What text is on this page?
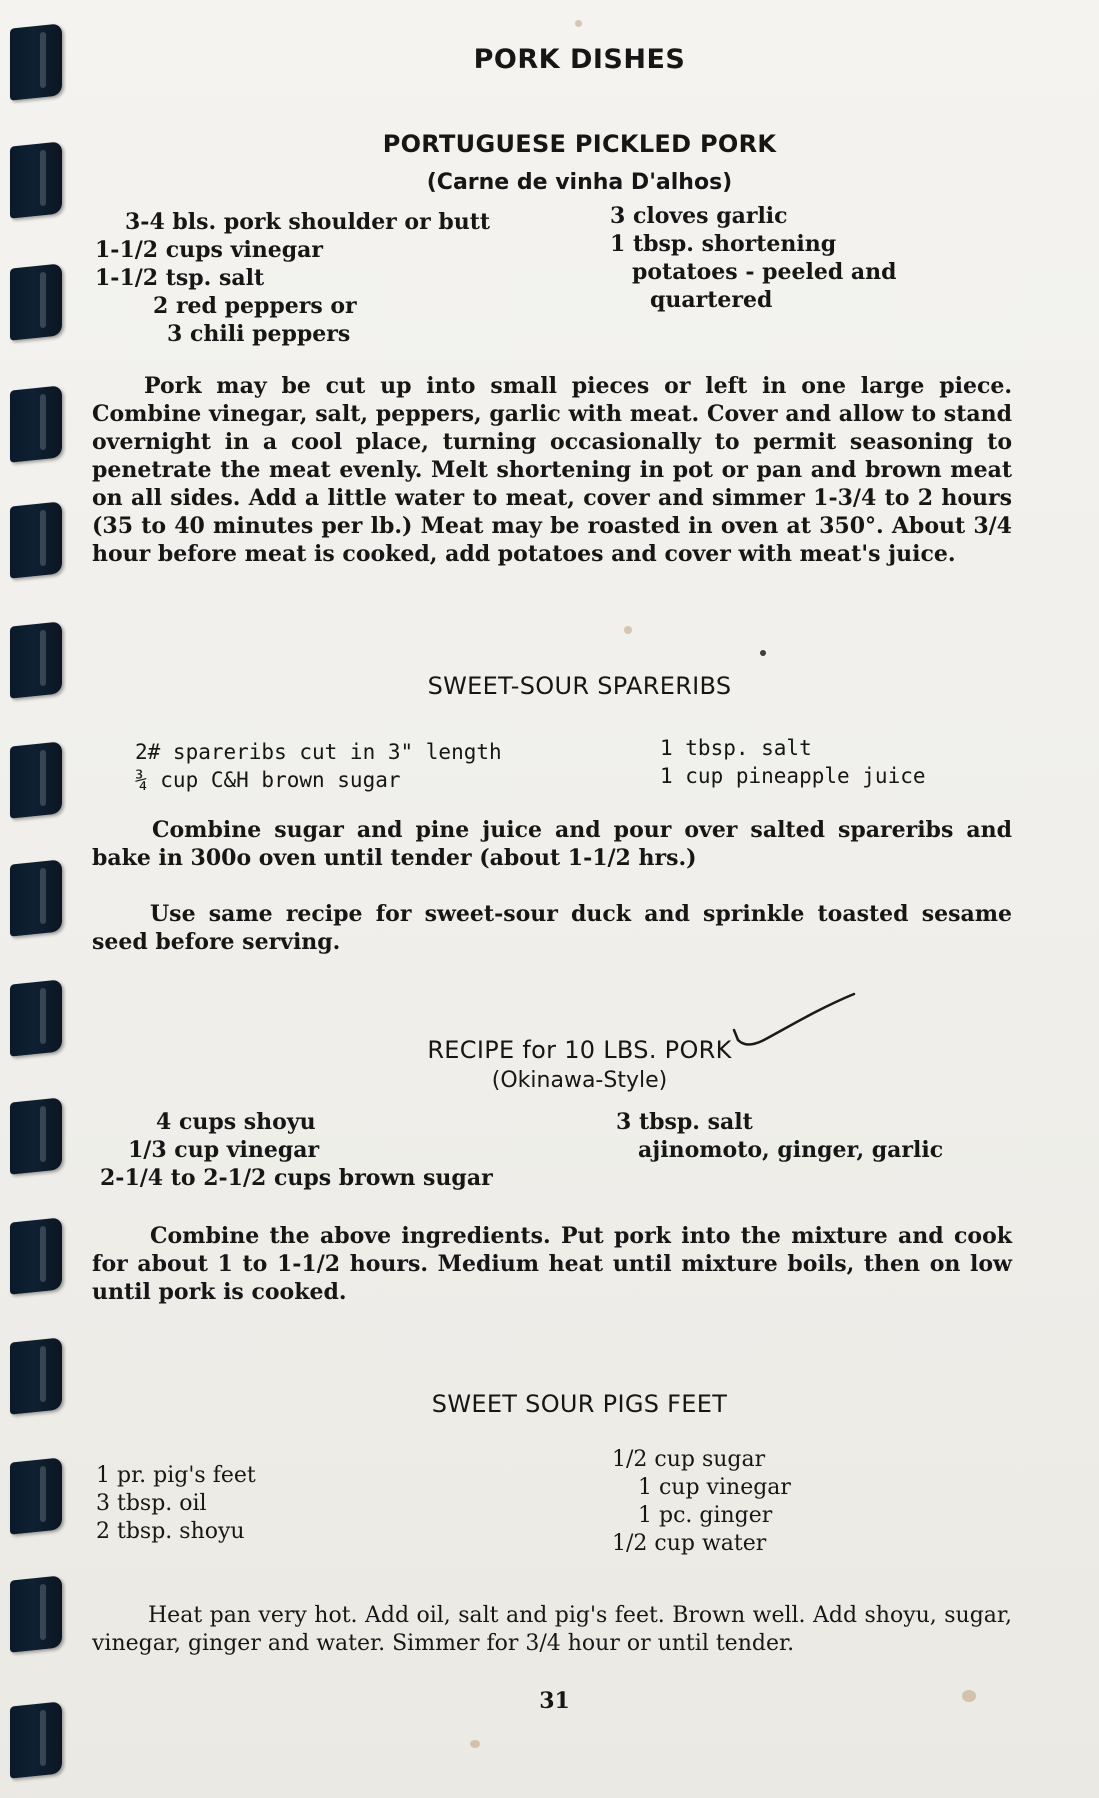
PORK DISHES
PORTUGUESE PICKLED PORK
(Carne de vinha D'alhos)
3-4 bls. pork shoulder or butt
1-1/2 cups vinegar
1-1/2 tsp. salt
2 red peppers or
3 chili peppers
3 cloves garlic
1 tbsp. shortening
potatoes - peeled and
quartered
Pork may be cut up into small pieces or left in one large piece. Combine vinegar, salt, peppers, garlic with meat. Cover and allow to stand overnight in a cool place, turning occasionally to permit seasoning to penetrate the meat evenly. Melt shortening in pot or pan and brown meat on all sides. Add a little water to meat, cover and simmer 1-3/4 to 2 hours (35 to 40 minutes per lb.) Meat may be roasted in oven at 350°. About 3/4 hour before meat is cooked, add potatoes and cover with meat's juice.
SWEET-SOUR SPARERIBS
2# spareribs cut in 3" length
¾ cup C&H brown sugar
1 tbsp. salt
1 cup pineapple juice
Combine sugar and pine juice and pour over salted spareribs and bake in 300o oven until tender (about 1-1/2 hrs.)
Use same recipe for sweet-sour duck and sprinkle toasted sesame seed before serving.
RECIPE for 10 LBS. PORK
(Okinawa-Style)
4 cups shoyu
1/3 cup vinegar
2-1/4 to 2-1/2 cups brown sugar
3 tbsp. salt
ajinomoto, ginger, garlic
Combine the above ingredients. Put pork into the mixture and cook for about 1 to 1-1/2 hours. Medium heat until mixture boils, then on low until pork is cooked.
SWEET SOUR PIGS FEET
1 pr. pig's feet
3 tbsp. oil
2 tbsp. shoyu
1/2 cup sugar
1 cup vinegar
1 pc. ginger
1/2 cup water
Heat pan very hot. Add oil, salt and pig's feet. Brown well. Add shoyu, sugar, vinegar, ginger and water. Simmer for 3/4 hour or until tender.
31
